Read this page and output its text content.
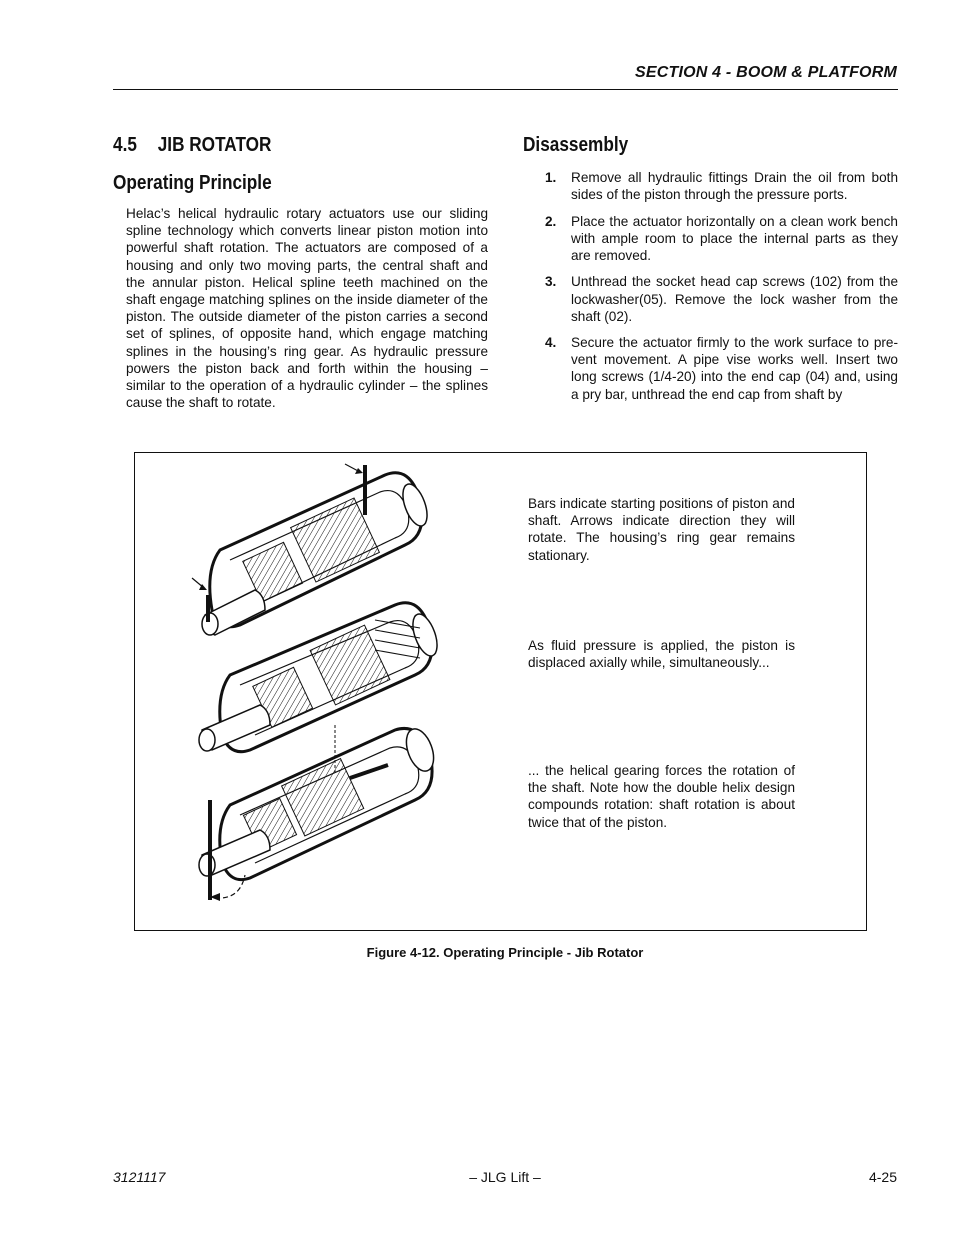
SECTION 4 - BOOM & PLATFORM
4.5 JIB ROTATOR
Operating Principle
Helac’s helical hydraulic rotary actuators use our sliding spline technology which converts linear piston motion into powerful shaft rotation. The actuators are composed of a housing and only two moving parts, the central shaft and the annular piston. Helical spline teeth machined on the shaft engage matching splines on the inside diameter of the piston. The outside diameter of the piston carries a second set of splines, of opposite hand, which engage matching splines in the housing’s ring gear. As hydraulic pressure powers the piston back and forth within the housing – similar to the operation of a hydraulic cylinder – the splines cause the shaft to rotate.
Disassembly
1. Remove all hydraulic fittings Drain the oil from both sides of the piston through the pressure ports.
2. Place the actuator horizontally on a clean work bench with ample room to place the internal parts as they are removed.
3. Unthread the socket head cap screws (102) from the lockwasher(05). Remove the lock washer from the shaft (02).
4. Secure the actuator firmly to the work surface to pre-vent movement. A pipe vise works well. Insert two long screws (1/4-20) into the end cap (04) and, using a pry bar, unthread the end cap from shaft by
Bars indicate starting positions of piston and shaft. Arrows indicate direction they will rotate. The housing’s ring gear remains stationary.
As fluid pressure is applied, the piston is displaced axially while, simultaneously...
... the helical gearing forces the rotation of the shaft. Note how the double helix design compounds rotation: shaft rotation is about twice that of the piston.
Figure 4-12. Operating Principle - Jib Rotator
3121117	– JLG Lift –	4-25
